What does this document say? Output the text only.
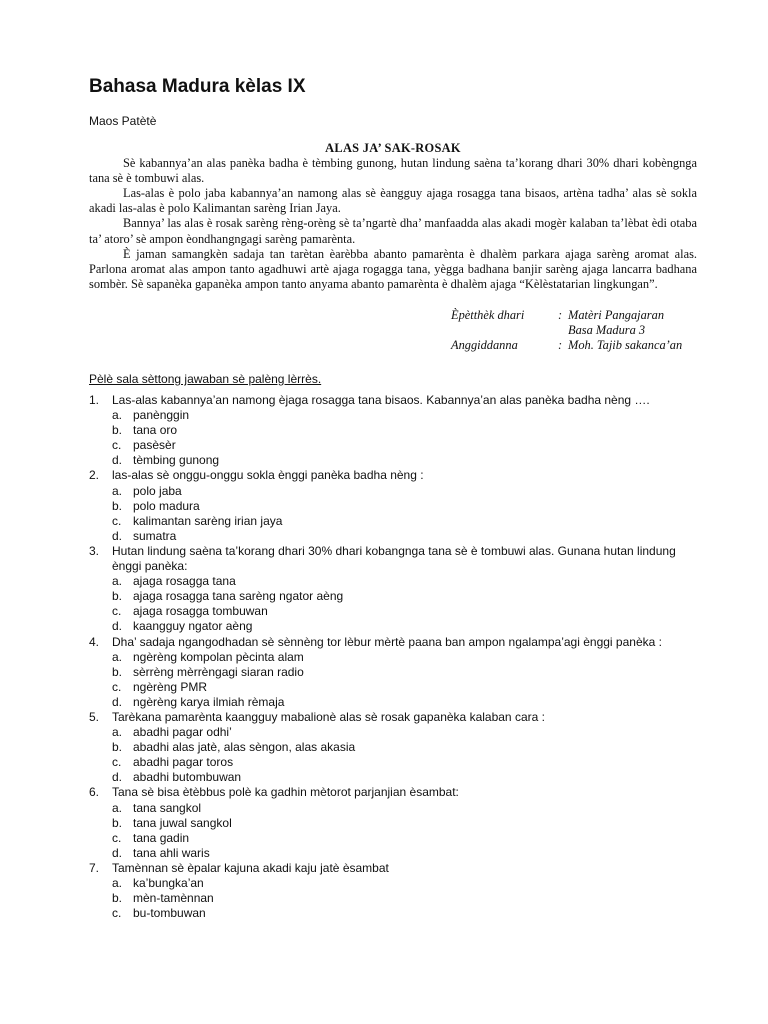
Bahasa Madura kèlas IX
Maos Patètè
ALAS JA’ SAK-ROSAK

Sè kabannya’an alas panèka badha è tèmbing gunong, hutan lindung saèna ta’korang dhari 30% dhari kobèngnga tana sè è tombuwi alas.

Las-alas è polo jaba kabannya’an namong alas sè èangguy ajaga rosagga tana bisaos, artèna tadha’ alas sè sokla akadi las-alas è polo Kalimantan sarèng Irian Jaya.

Bannya’ las alas è rosak sarèng rèng-orèng sè ta’ngartè dha’ manfaadda alas akadi mogèr kalaban ta’lèbat èdi otaba ta’ atoro’ sè ampon èondhangngagi sarèng pamarènta.

È jaman samangkèn sadaja tan tarètan èarèbba abanto pamarènta è dhalèm parkara ajaga sarèng aromat alas. Parlona aromat alas ampon tanto agadhuwi artè ajaga rogagga tana, yègga badhana banjir sarèng ajaga lancarra badhana sombèr. Sè sapanèka gapanèka ampon tanto anyama abanto pamarènta è dhalèm ajaga “Kèlèstatarian lingkungan”.

Èpètthèk dhari	: Matèri Pangajaran
Basa Madura 3
Anggiddanna	: Moh. Tajib sakanca’an
Pèlè sala sèttong jawaban sè palèng lèrrès.
1.	Las-alas kabannya’an namong èjaga rosagga tana bisaos. Kabannya’an alas panèka badha nèng ….
a. panènggin
b. tana oro
c. pasèsèr
d. tèmbing gunong
2.	las-alas sè onggu-onggu sokla ènggi panèka badha nèng :
a. polo jaba
b. polo madura
c. kalimantan sarèng irian jaya
d. sumatra
3.	Hutan lindung saèna ta’korang dhari 30% dhari kobangnga tana sè è tombuwi alas. Gunana hutan lindung ènggi panèka:
a. ajaga rosagga tana
b. ajaga rosagga tana sarèng ngator aèng
c. ajaga rosagga tombuwan
d. kaangguy ngator aèng
4.	Dha’ sadaja ngangodhadan sè sènnèng tor lèbur mèrtè paana ban ampon ngalampa’agi ènggi panèka :
a. ngèrèng kompolan pècinta alam
b. sèrrèng mèrrèngagi siaran radio
c. ngèrèng PMR
d. ngèrèng karya ilmiah rèmaja
5.	Tarèkana pamarènta kaangguy mabalionè alas sè rosak gapanèka kalaban cara :
a. abadhi pagar odhi’
b. abadhi alas jatè, alas sèngon, alas akasia
c. abadhi pagar toros
d. abadhi butombuwan
6.	Tana sè bisa ètèbbus polè ka gadhin mètorot parjanjian èsambat:
a. tana sangkol
b. tana juwal sangkol
c. tana gadin
d. tana ahli waris
7.	Tamènnan sè èpalar kajuna akadi kaju jatè èsambat
a. ka’bungka’an
b. mèn-tamènnan
c. bu-tombuwan
